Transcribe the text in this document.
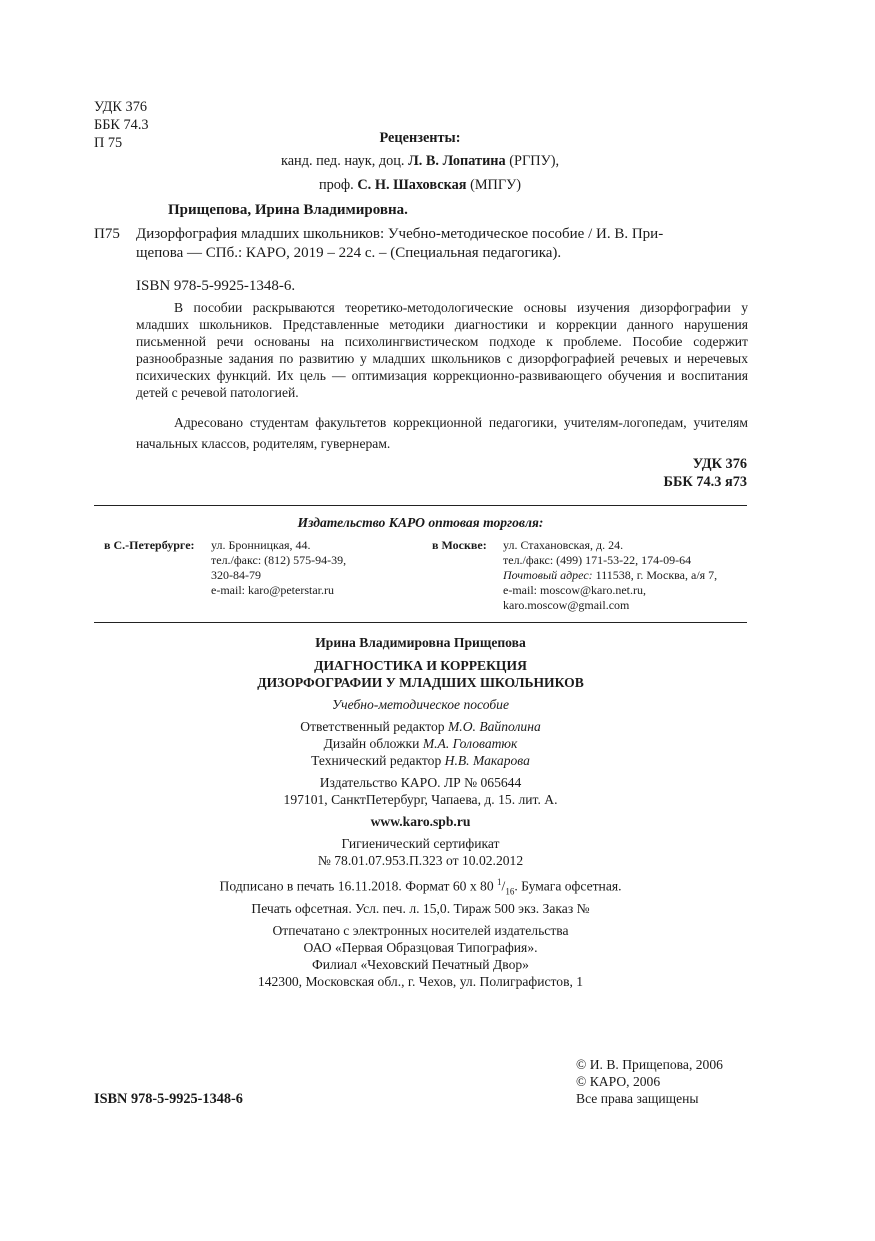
УДК 376
ББК 74.3
П 75	Рецензенты:
канд. пед. наук, доц. Л. В. Лопатина (РГПУ),
проф. С. Н. Шаховская (МПГУ)
Прищепова, Ирина Владимировна.
П75 Дизорфография младших школьников: Учебно-методическое пособие / И. В. При-
щепова — СПб.: КАРО, 2019 – 224 с. – (Специальная педагогика).
ISBN 978-5-9925-1348-6.
В пособии раскрываются теоретико-методологические основы изучения дизорфографии у младших школьников. Представленные методики диагностики и коррекции данного нарушения письменной речи основаны на психолингвистическом подходе к проблеме. Пособие содержит разнообразные задания по развитию у младших школьников с дизорфографией речевых и неречевых психических функций. Их цель — оптимизация коррекционно-развивающего обучения и воспитания детей с речевой патологией.
Адресовано студентам факультетов коррекционной педагогики, учителям-логопедам, учителям начальных классов, родителям, гувернерам.
УДК 376
ББК 74.3 я73
Издательство КАРО оптовая торговля:
в С.-Петербурге: ул. Бронницкая, 44.
тел./факс: (812) 575-94-39,
320-84-79
e-mail: karo@peterstar.ru
в Москве: ул. Стахановская, д. 24.
тел./факс: (499) 171-53-22, 174-09-64
Почтовый адрес: 111538, г. Москва, а/я 7,
e-mail: moscow@karo.net.ru,
karo.moscow@gmail.com
Ирина Владимировна Прищепова
ДИАГНОСТИКА И КОРРЕКЦИЯ
ДИЗОРФОГРАФИИ У МЛАДШИХ ШКОЛЬНИКОВ
Учебно-методическое пособие
Ответственный редактор М.О. Вайполина
Дизайн обложки М.А. Головатюк
Технический редактор Н.В. Макарова
Издательство КАРО. ЛР № 065644
197101, СанктПетербург, Чапаева, д. 15. лит. А.
www.karo.spb.ru
Гигиенический сертификат
№ 78.01.07.953.П.323 от 10.02.2012
Подписано в печать 16.11.2018. Формат 60 х 80 $^1/_{16}$. Бумага офсетная.
Печать офсетная. Усл. печ. л. 15,0. Тираж 500 экз. Заказ №
Отпечатано с электронных носителей издательства
ОАО «Первая Образцовая Типография».
Филиал «Чеховский Печатный Двор»
142300, Московская обл., г. Чехов, ул. Полиграфистов, 1
© И. В. Прищепова, 2006
© КАРО, 2006
Все права защищены
ISBN 978-5-9925-1348-6
